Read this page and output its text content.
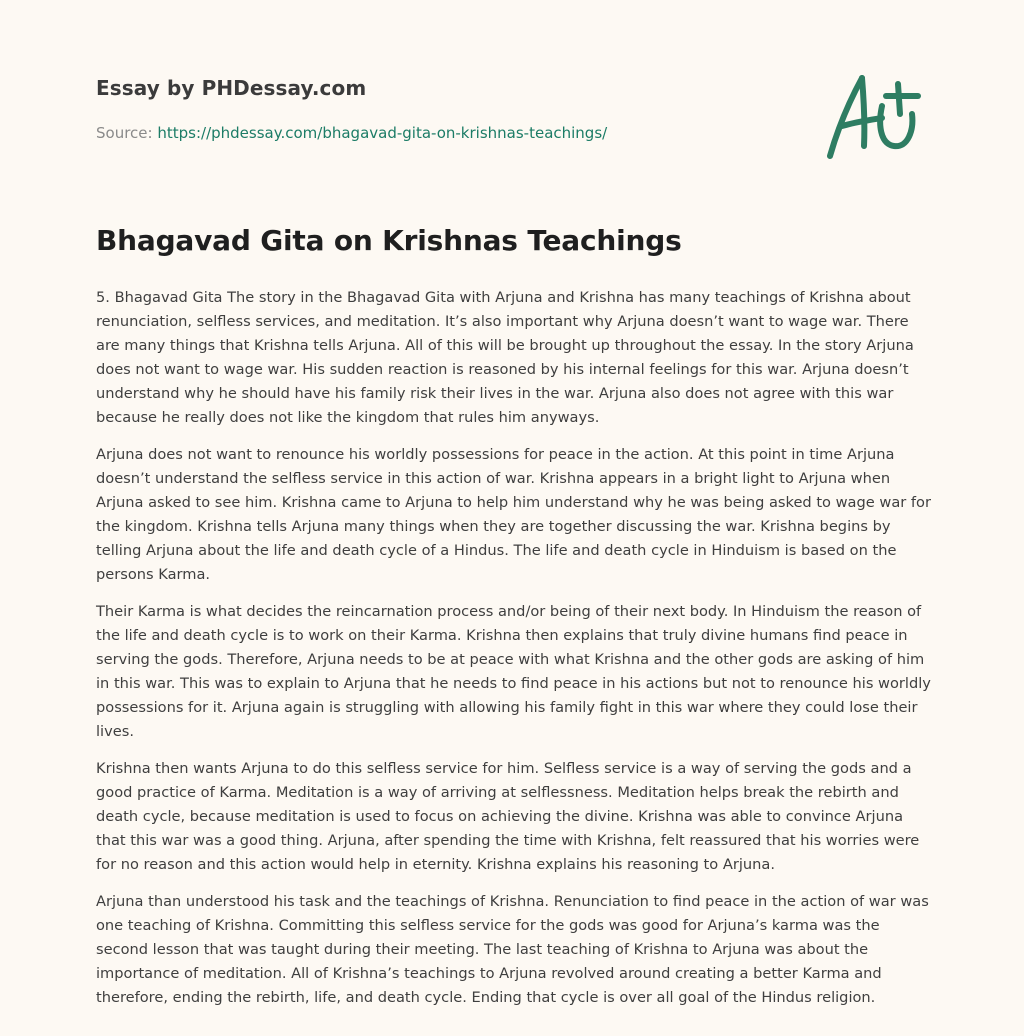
Essay by PHDessay.com
Source: https://phdessay.com/bhagavad-gita-on-krishnas-teachings/
Bhagavad Gita on Krishnas Teachings

5. Bhagavad Gita The story in the Bhagavad Gita with Arjuna and Krishna has many teachings of Krishna about renunciation, selfless services, and meditation. It’s also important why Arjuna doesn’t want to wage war. There are many things that Krishna tells Arjuna. All of this will be brought up throughout the essay. In the story Arjuna does not want to wage war. His sudden reaction is reasoned by his internal feelings for this war. Arjuna doesn’t understand why he should have his family risk their lives in the war. Arjuna also does not agree with this war because he really does not like the kingdom that rules him anyways.

Arjuna does not want to renounce his worldly possessions for peace in the action. At this point in time Arjuna doesn’t understand the selfless service in this action of war. Krishna appears in a bright light to Arjuna when Arjuna asked to see him. Krishna came to Arjuna to help him understand why he was being asked to wage war for the kingdom. Krishna tells Arjuna many things when they are together discussing the war. Krishna begins by telling Arjuna about the life and death cycle of a Hindus. The life and death cycle in Hinduism is based on the persons Karma.

Their Karma is what decides the reincarnation process and/or being of their next body. In Hinduism the reason of the life and death cycle is to work on their Karma. Krishna then explains that truly divine humans find peace in serving the gods. Therefore, Arjuna needs to be at peace with what Krishna and the other gods are asking of him in this war. This was to explain to Arjuna that he needs to find peace in his actions but not to renounce his worldly possessions for it. Arjuna again is struggling with allowing his family fight in this war where they could lose their lives.

Krishna then wants Arjuna to do this selfless service for him. Selfless service is a way of serving the gods and a good practice of Karma. Meditation is a way of arriving at selflessness. Meditation helps break the rebirth and death cycle, because meditation is used to focus on achieving the divine. Krishna was able to convince Arjuna that this war was a good thing. Arjuna, after spending the time with Krishna, felt reassured that his worries were for no reason and this action would help in eternity. Krishna explains his reasoning to Arjuna.

Arjuna than understood his task and the teachings of Krishna. Renunciation to find peace in the action of war was one teaching of Krishna. Committing this selfless service for the gods was good for Arjuna’s karma was the second lesson that was taught during their meeting. The last teaching of Krishna to Arjuna was about the importance of meditation. All of Krishna’s teachings to Arjuna revolved around creating a better Karma and therefore, ending the rebirth, life, and death cycle. Ending that cycle is over all goal of the Hindus religion.
